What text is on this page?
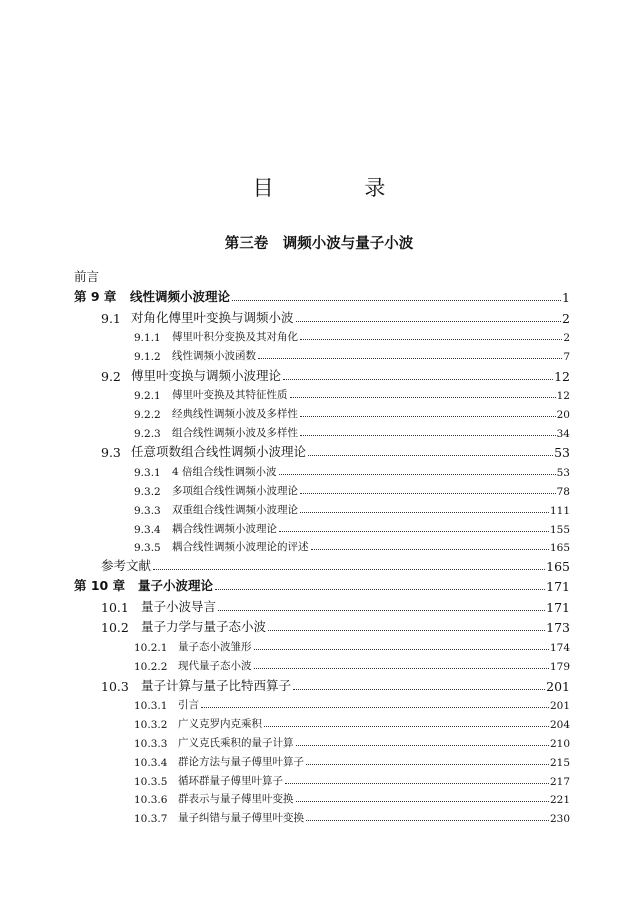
目 录
第三卷　调频小波与量子小波
前言
第 9 章	线性调频小波理论	1
9.1 对角化傅里叶变换与调频小波	2
9.1.1	傅里叶积分变换及其对角化	2
9.1.2	线性调频小波函数	7
9.2 傅里叶变换与调频小波理论	12
9.2.1	傅里叶变换及其特征性质	12
9.2.2	经典线性调频小波及多样性	20
9.2.3	组合线性调频小波及多样性	34
9.3 任意项数组合线性调频小波理论	53
9.3.1	4 倍组合线性调频小波	53
9.3.2	多项组合线性调频小波理论	78
9.3.3	双重组合线性调频小波理论	111
9.3.4	耦合线性调频小波理论	155
9.3.5	耦合线性调频小波理论的评述	165
参考文献	165
第 10 章	量子小波理论	171
10.1 量子小波导言	171
10.2 量子力学与量子态小波	173
10.2.1	量子态小波雏形	174
10.2.2	现代量子态小波	179
10.3 量子计算与量子比特西算子	201
10.3.1	引言	201
10.3.2	广义克罗内克乘积	204
10.3.3	广义克氏乘积的量子计算	210
10.3.4	群论方法与量子傅里叶算子	215
10.3.5	循环群量子傅里叶算子	217
10.3.6	群表示与量子傅里叶变换	221
10.3.7	量子纠错与量子傅里叶变换	230
